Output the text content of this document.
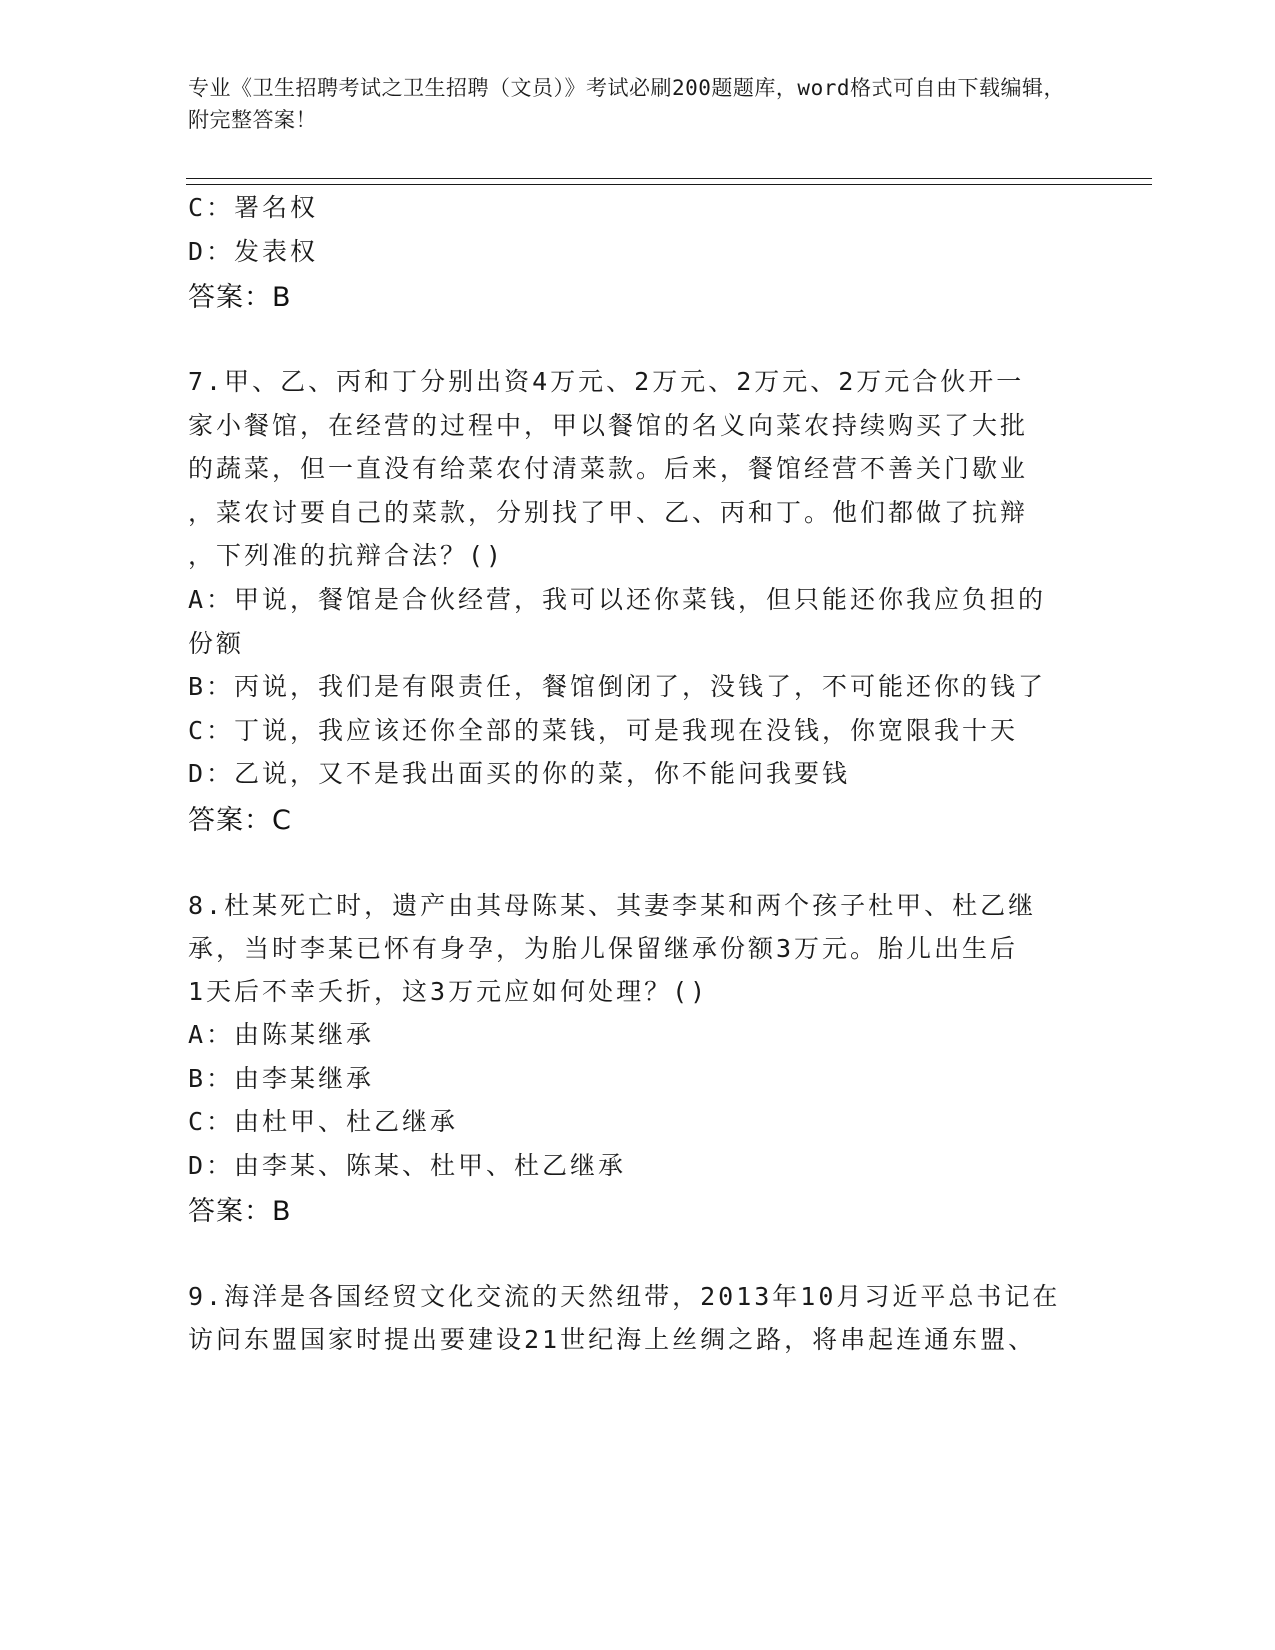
专业《卫生招聘考试之卫生招聘（文员）》考试必刷200题题库，word格式可自由下载编辑，附完整答案！
C：署名权
D：发表权
答案：B
7.甲、乙、丙和丁分别出资4万元、2万元、2万元、2万元合伙开一
家小餐馆，在经营的过程中，甲以餐馆的名义向菜农持续购买了大批
的蔬菜，但一直没有给菜农付清菜款。后来，餐馆经营不善关门歇业
，菜农讨要自己的菜款，分别找了甲、乙、丙和丁。他们都做了抗辩
，下列准的抗辩合法？()
A：甲说，餐馆是合伙经营，我可以还你菜钱，但只能还你我应负担的
份额
B：丙说，我们是有限责任，餐馆倒闭了，没钱了，不可能还你的钱了
C：丁说，我应该还你全部的菜钱，可是我现在没钱，你宽限我十天
D：乙说，又不是我出面买的你的菜，你不能问我要钱
答案：C
8.杜某死亡时，遗产由其母陈某、其妻李某和两个孩子杜甲、杜乙继
承，当时李某已怀有身孕，为胎儿保留继承份额3万元。胎儿出生后
1天后不幸夭折，这3万元应如何处理？()
A：由陈某继承
B：由李某继承
C：由杜甲、杜乙继承
D：由李某、陈某、杜甲、杜乙继承
答案：B
9.海洋是各国经贸文化交流的天然纽带，2013年10月习近平总书记在
访问东盟国家时提出要建设21世纪海上丝绸之路，将串起连通东盟、
